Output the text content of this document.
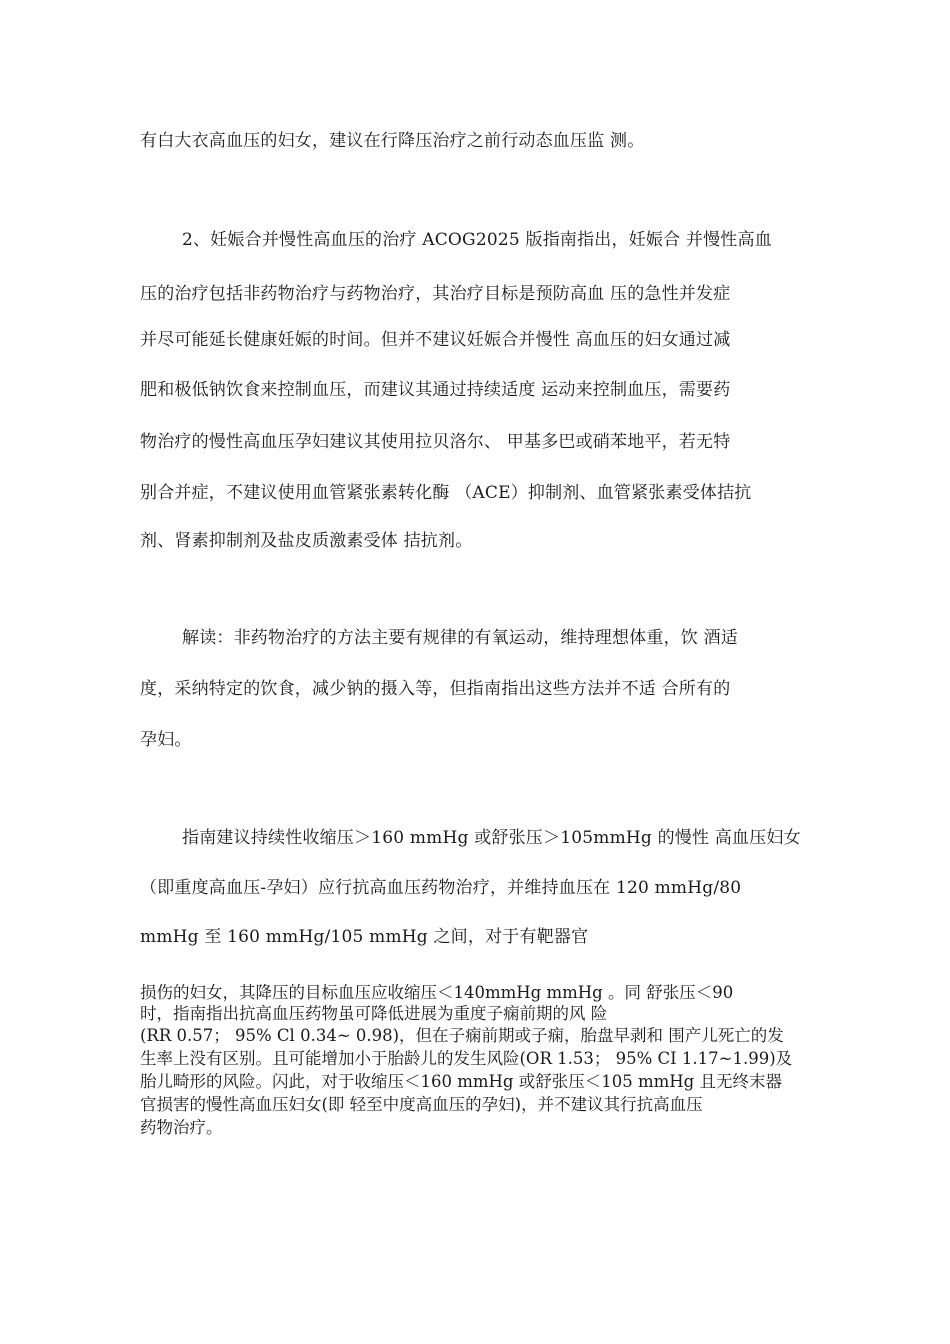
有白大衣高血压的妇女，建议在行降压治疗之前行动态血压监 测。
2、妊娠合并慢性高血压的治疗 ACOG2025 版指南指出，妊娠合 并慢性高血
压的治疗包括非药物治疗与药物治疗，其治疗目标是预防高血 压的急性并发症
并尽可能延长健康妊娠的时间。但并不建议妊娠合并慢性 高血压的妇女通过减
肥和极低钠饮食来控制血压，而建议其通过持续适度 运动来控制血压，需要药
物治疗的慢性高血压孕妇建议其使用拉贝洛尔、 甲基多巴或硝苯地平，若无特
别合并症，不建议使用血管紧张素转化酶 （ACE）抑制剂、血管紧张素受体拮抗
剂、肾素抑制剂及盐皮质激素受体 拮抗剂。
解读：非药物治疗的方法主要有规律的有氧运动，维持理想体重，饮 酒适
度，采纳特定的饮食，减少钠的摄入等，但指南指出这些方法并不适 合所有的
孕妇。
指南建议持续性收缩压＞160 mmHg 或舒张压＞105mmHg 的慢性 高血压妇女
（即重度高血压-孕妇）应行抗高血压药物治疗，并维持血压在 120 mmHg/80
mmHg 至 160 mmHg/105 mmHg 之间，对于有靶器官
损伤的妇女，其降压的目标血压应收缩压＜140mmHg mmHg 。同 舒张压＜90
时，指南指出抗高血压药物虽可降低进展为重度子痫前期的风 险
(RR 0.57； 95% Cl 0.34~ 0.98)，但在子痫前期或子痫，胎盘早剥和 围产儿死亡的发
生率上没有区别。且可能增加小于胎龄儿的发生风险(OR 1.53； 95% CI 1.17~1.99)及
胎儿畸形的风险。闪此，对于收缩压＜160 mmHg 或舒张压＜105 mmHg 且无终末器
官损害的慢性高血压妇女(即 轻至中度高血压的孕妇)，并不建议其行抗高血压
药物治疗。
